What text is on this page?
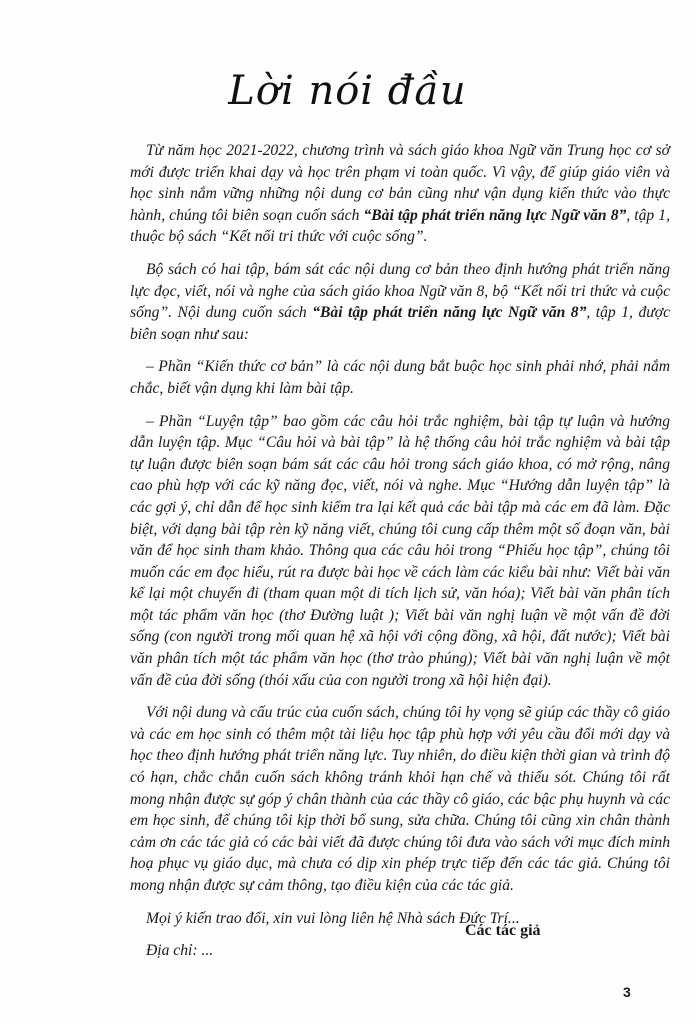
Lời nói đầu

Từ năm học 2021-2022, chương trình và sách giáo khoa Ngữ văn Trung học cơ sở mới được triển khai dạy và học trên phạm vi toàn quốc. Vì vậy, để giúp giáo viên và học sinh nắm vững những nội dung cơ bản cũng như vận dụng kiến thức vào thực hành, chúng tôi biên soạn cuốn sách “Bài tập phát triển năng lực Ngữ văn 8”, tập 1, thuộc bộ sách “Kết nối tri thức với cuộc sống”.

Bộ sách có hai tập, bám sát các nội dung cơ bản theo định hướng phát triển năng lực đọc, viết, nói và nghe của sách giáo khoa Ngữ văn 8, bộ “Kết nối tri thức và cuộc sống”. Nội dung cuốn sách “Bài tập phát triển năng lực Ngữ văn 8”, tập 1, được biên soạn như sau:

– Phần “Kiến thức cơ bản” là các nội dung bắt buộc học sinh phải nhớ, phải nắm chắc, biết vận dụng khi làm bài tập.

– Phần “Luyện tập” bao gồm các câu hỏi trắc nghiệm, bài tập tự luận và hướng dẫn luyện tập. Mục “Câu hỏi và bài tập” là hệ thống câu hỏi trắc nghiệm và bài tập tự luận được biên soạn bám sát các câu hỏi trong sách giáo khoa, có mở rộng, nâng cao phù hợp với các kỹ năng đọc, viết, nói và nghe. Mục “Hướng dẫn luyện tập” là các gợi ý, chỉ dẫn để học sinh kiểm tra lại kết quả các bài tập mà các em đã làm. Đặc biệt, với dạng bài tập rèn kỹ năng viết, chúng tôi cung cấp thêm một số đoạn văn, bài văn để học sinh tham khảo. Thông qua các câu hỏi trong “Phiếu học tập”, chúng tôi muốn các em đọc hiểu, rút ra được bài học về cách làm các kiểu bài như: Viết bài văn kể lại một chuyến đi (tham quan một di tích lịch sử, văn hóa); Viết bài văn phân tích một tác phẩm văn học (thơ Đường luật ); Viết bài văn nghị luận về một vấn đề đời sống (con người trong mối quan hệ xã hội với cộng đồng, xã hội, đất nước); Viết bài văn phân tích một tác phẩm văn học (thơ trào phúng); Viết bài văn nghị luận về một vấn đề của đời sống (thói xấu của con người trong xã hội hiện đại).

Với nội dung và cấu trúc của cuốn sách, chúng tôi hy vọng sẽ giúp các thầy cô giáo và các em học sinh có thêm một tài liệu học tập phù hợp với yêu cầu đổi mới dạy và học theo định hướng phát triển năng lực. Tuy nhiên, do điều kiện thời gian và trình độ có hạn, chắc chắn cuốn sách không tránh khỏi hạn chế và thiếu sót. Chúng tôi rất mong nhận được sự góp ý chân thành của các thầy cô giáo, các bậc phụ huynh và các em học sinh, để chúng tôi kịp thời bổ sung, sửa chữa. Chúng tôi cũng xin chân thành cảm ơn các tác giả có các bài viết đã được chúng tôi đưa vào sách với mục đích minh hoạ phục vụ giáo dục, mà chưa có dịp xin phép trực tiếp đến các tác giả. Chúng tôi mong nhận được sự cảm thông, tạo điều kiện của các tác giả.

Mọi ý kiến trao đổi, xin vui lòng liên hệ Nhà sách Đức Trí...

Địa chỉ: ...

Các tác giả
3
